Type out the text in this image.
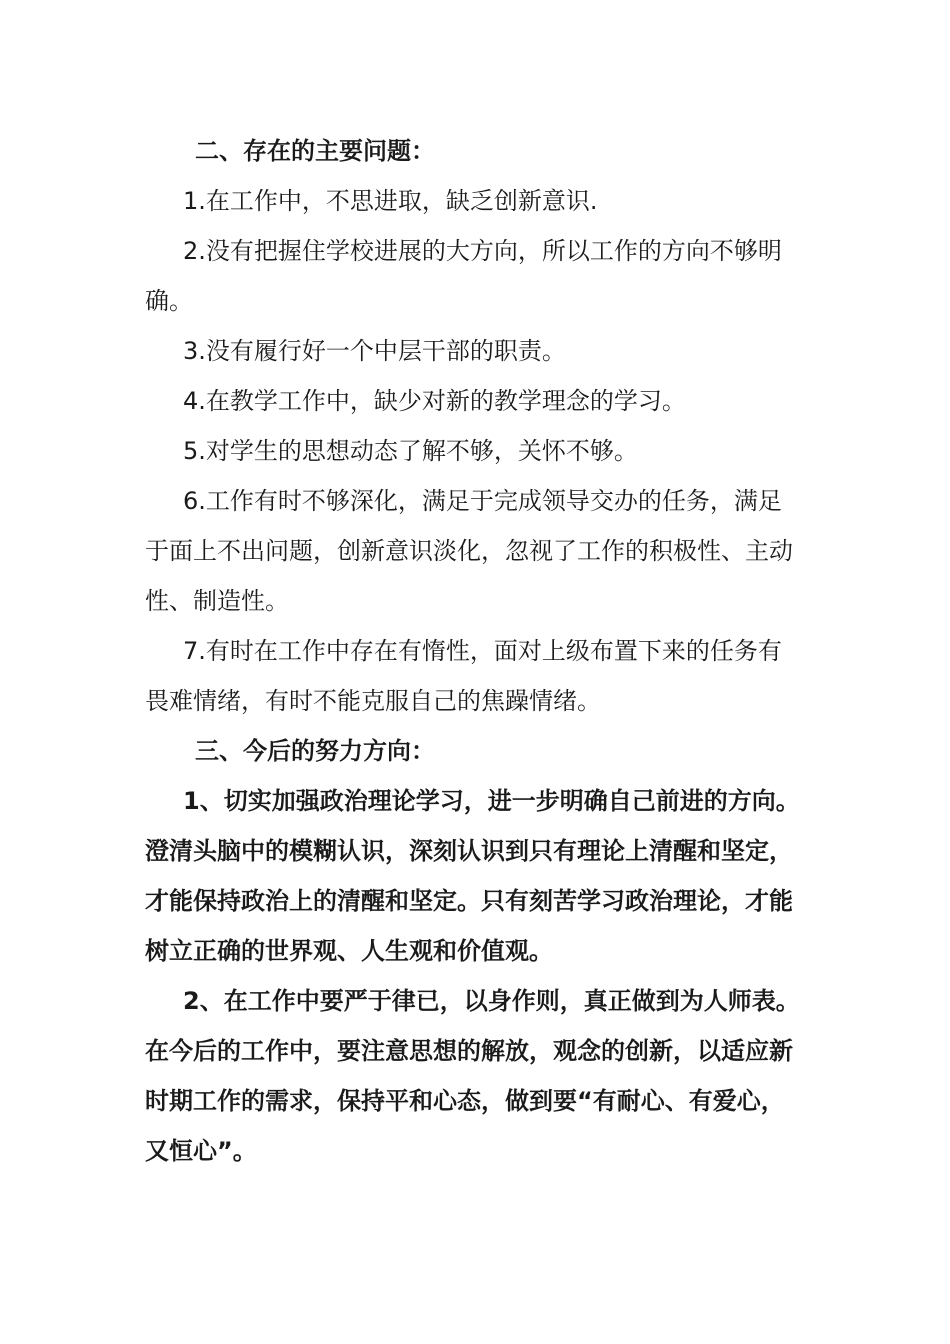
二、存在的主要问题：

1.在工作中，不思进取，缺乏创新意识.

2.没有把握住学校进展的大方向，所以工作的方向不够明确。

3.没有履行好一个中层干部的职责。

4.在教学工作中，缺少对新的教学理念的学习。

5.对学生的思想动态了解不够，关怀不够。

6.工作有时不够深化，满足于完成领导交办的任务，满足于面上不出问题，创新意识淡化，忽视了工作的积极性、主动性、制造性。

7.有时在工作中存在有惰性，面对上级布置下来的任务有畏难情绪，有时不能克服自己的焦躁情绪。

三、今后的努力方向：

1、切实加强政治理论学习，进一步明确自己前进的方向。澄清头脑中的模糊认识，深刻认识到只有理论上清醒和坚定，才能保持政治上的清醒和坚定。只有刻苦学习政治理论，才能树立正确的世界观、人生观和价值观。

2、在工作中要严于律已，以身作则，真正做到为人师表。在今后的工作中，要注意思想的解放，观念的创新，以适应新时期工作的需求，保持平和心态，做到要“有耐心、有爱心，又恒心”。
